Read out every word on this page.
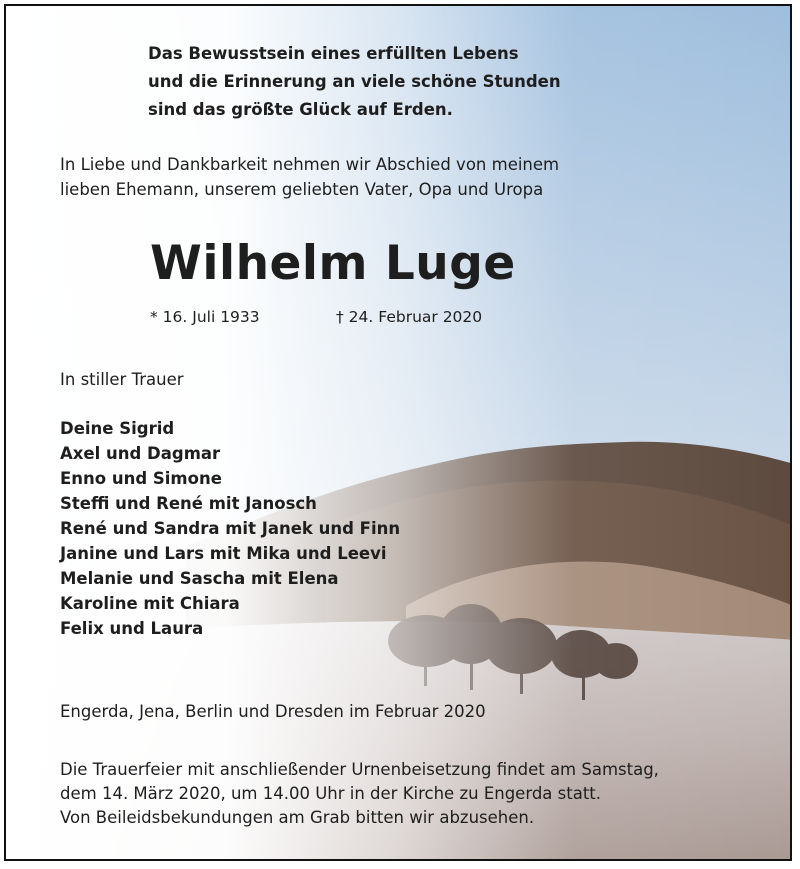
Das Bewusstsein eines erfüllten Lebens
und die Erinnerung an viele schöne Stunden
sind das größte Glück auf Erden.
In Liebe und Dankbarkeit nehmen wir Abschied von meinem
lieben Ehemann, unserem geliebten Vater, Opa und Uropa
Wilhelm Luge
* 16. Juli 1933	† 24. Februar 2020
In stiller Trauer
Deine Sigrid
Axel und Dagmar
Enno und Simone
Steffi und René mit Janosch
René und Sandra mit Janek und Finn
Janine und Lars mit Mika und Leevi
Melanie und Sascha mit Elena
Karoline mit Chiara
Felix und Laura
Engerda, Jena, Berlin und Dresden im Februar 2020
Die Trauerfeier mit anschließender Urnenbeisetzung findet am Samstag,
dem 14. März 2020, um 14.00 Uhr in der Kirche zu Engerda statt.
Von Beileidsbekundungen am Grab bitten wir abzusehen.
